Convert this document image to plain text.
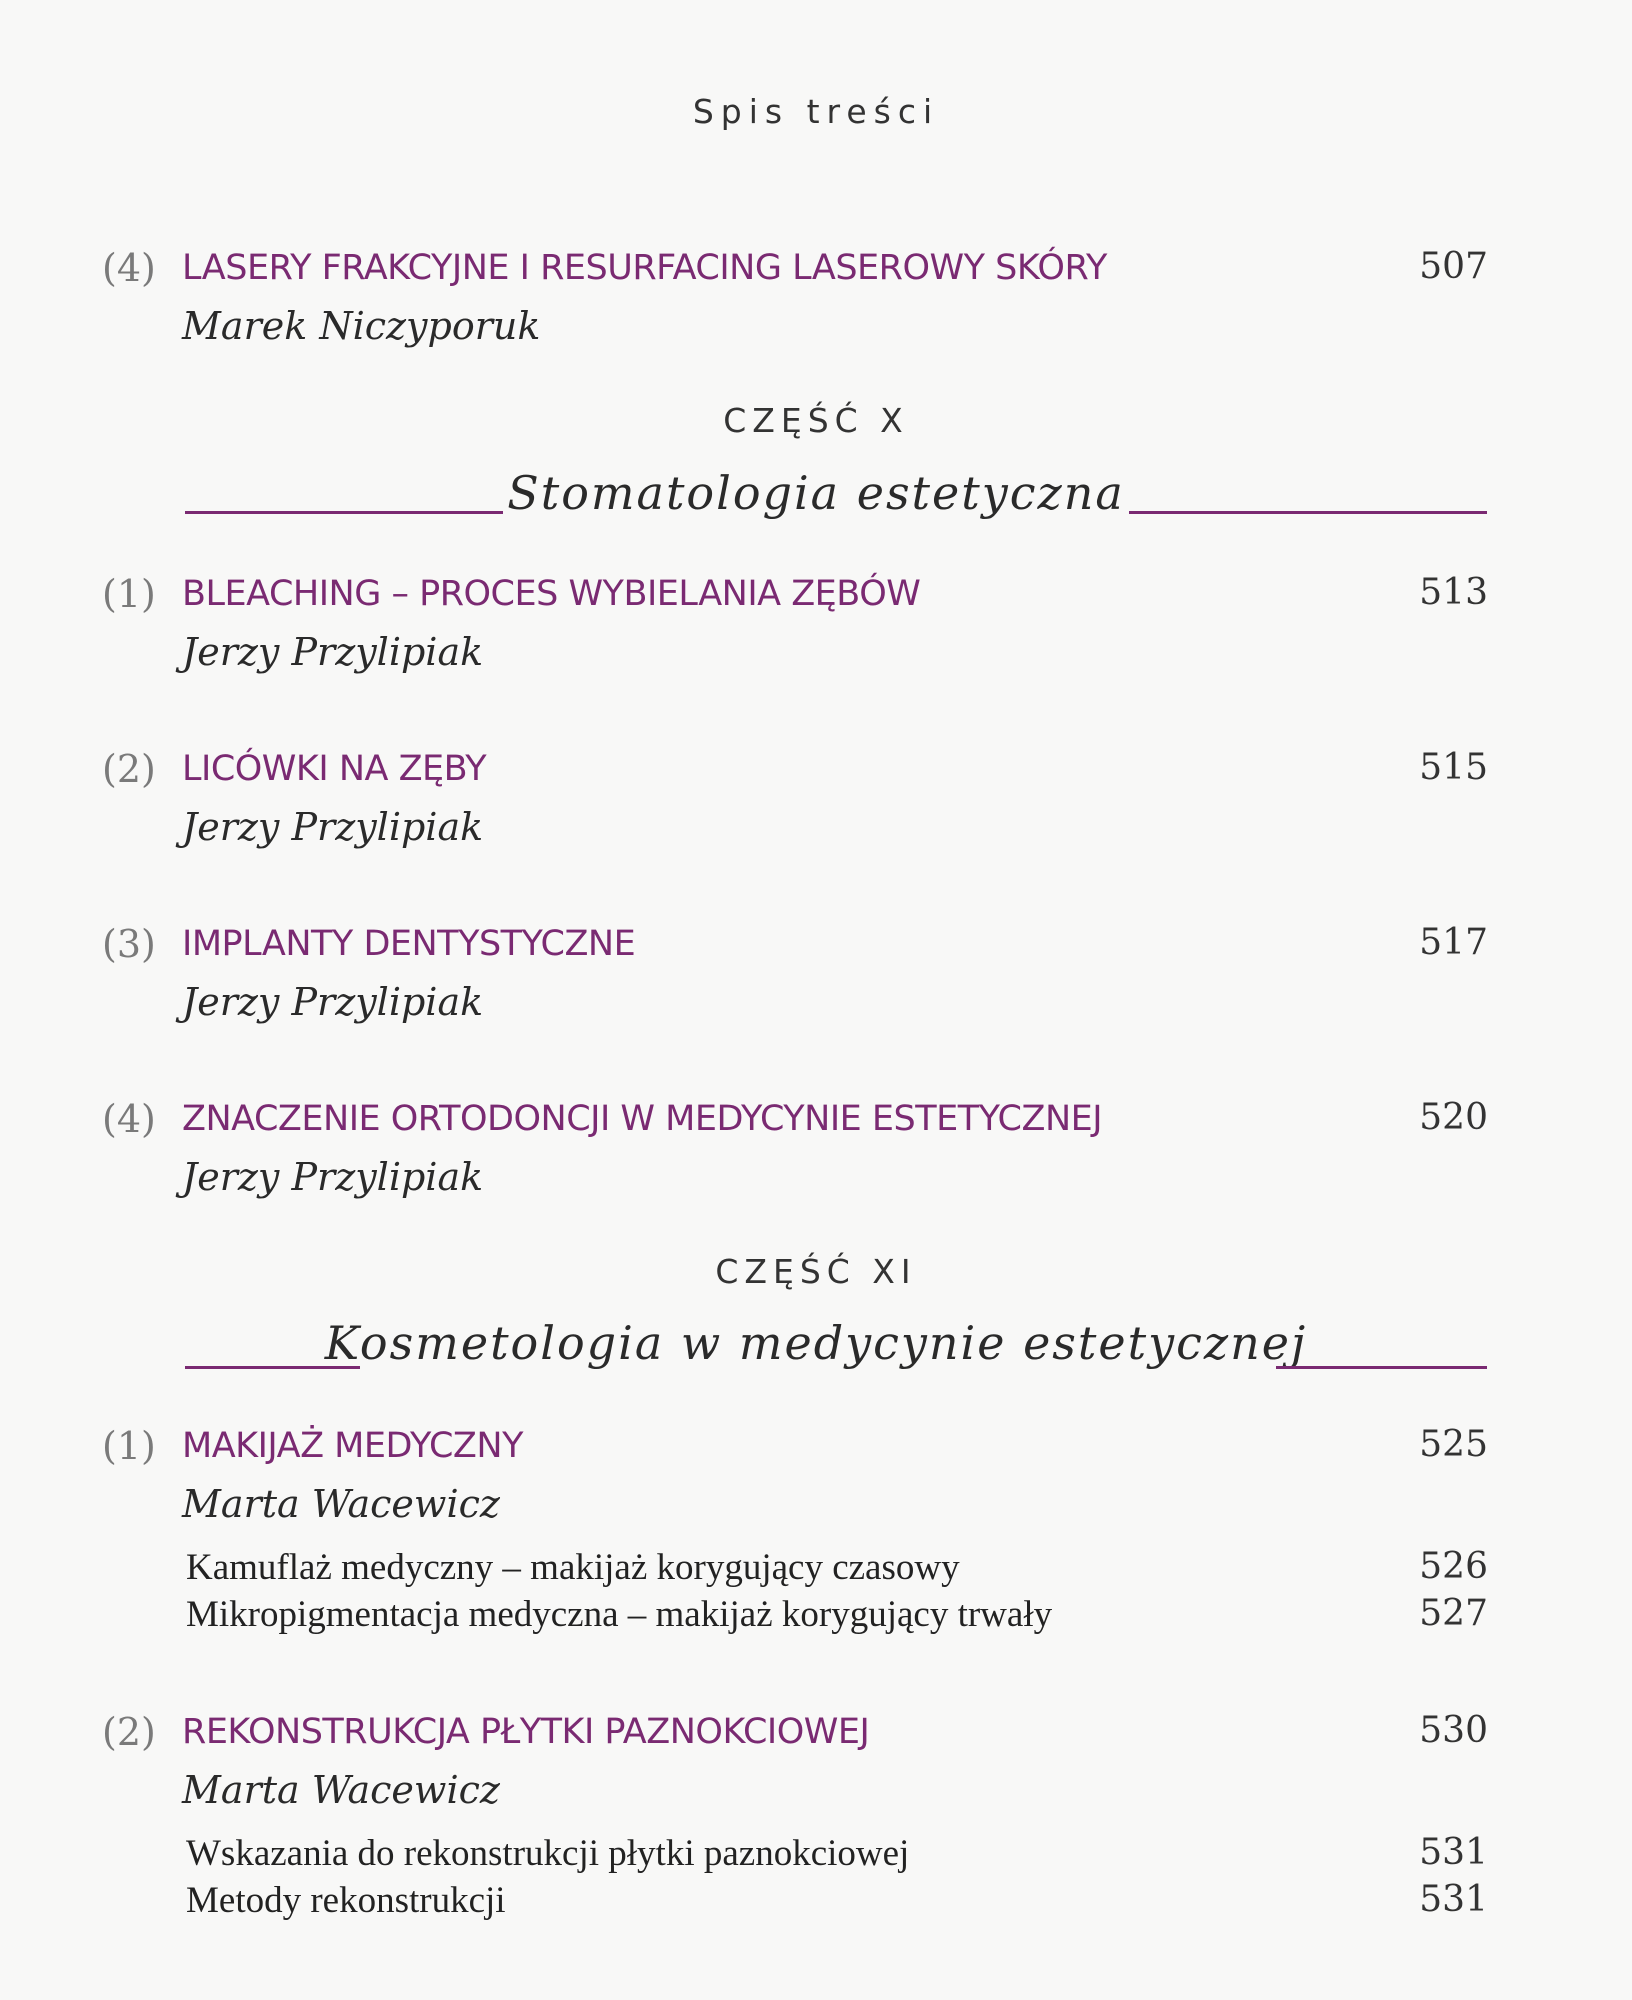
Spis treści
(4) LASERY FRAKCYJNE I RESURFACING LASEROWY SKÓRY	507
Marek Niczyporuk
CZĘŚĆ X
Stomatologia estetyczna
(1) BLEACHING – PROCES WYBIELANIA ZĘBÓW	513
Jerzy Przylipiak
(2) LICÓWKI NA ZĘBY	515
Jerzy Przylipiak
(3) IMPLANTY DENTYSTYCZNE	517
Jerzy Przylipiak
(4) ZNACZENIE ORTODONCJI W MEDYCYNIE ESTETYCZNEJ	520
Jerzy Przylipiak
CZĘŚĆ XI
Kosmetologia w medycynie estetycznej
(1) MAKIJAŻ MEDYCZNY	525
Marta Wacewicz
Kamuflaż medyczny – makijaż korygujący czasowy	526
Mikropigmentacja medyczna – makijaż korygujący trwały	527
(2) REKONSTRUKCJA PŁYTKI PAZNOKCIOWEJ	530
Marta Wacewicz
Wskazania do rekonstrukcji płytki paznokciowej	531
Metody rekonstrukcji	531
